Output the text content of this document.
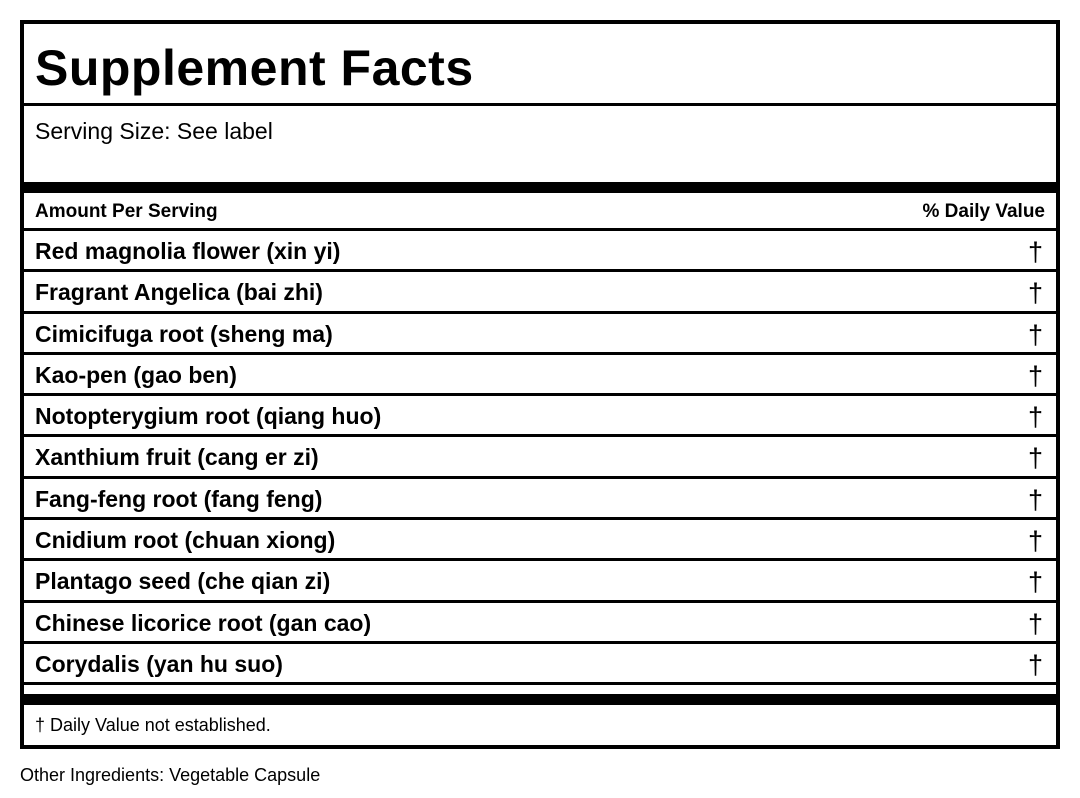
Supplement Facts
Serving Size: See label
Amount Per Serving	% Daily Value
Red magnolia flower (xin yi)	†
Fragrant Angelica (bai zhi)	†
Cimicifuga root (sheng ma)	†
Kao-pen (gao ben)	†
Notopterygium root (qiang huo)	†
Xanthium fruit (cang er zi)	†
Fang-feng root (fang feng)	†
Cnidium root (chuan xiong)	†
Plantago seed (che qian zi)	†
Chinese licorice root (gan cao)	†
Corydalis (yan hu suo)	†
† Daily Value not established.
Other Ingredients: Vegetable Capsule
